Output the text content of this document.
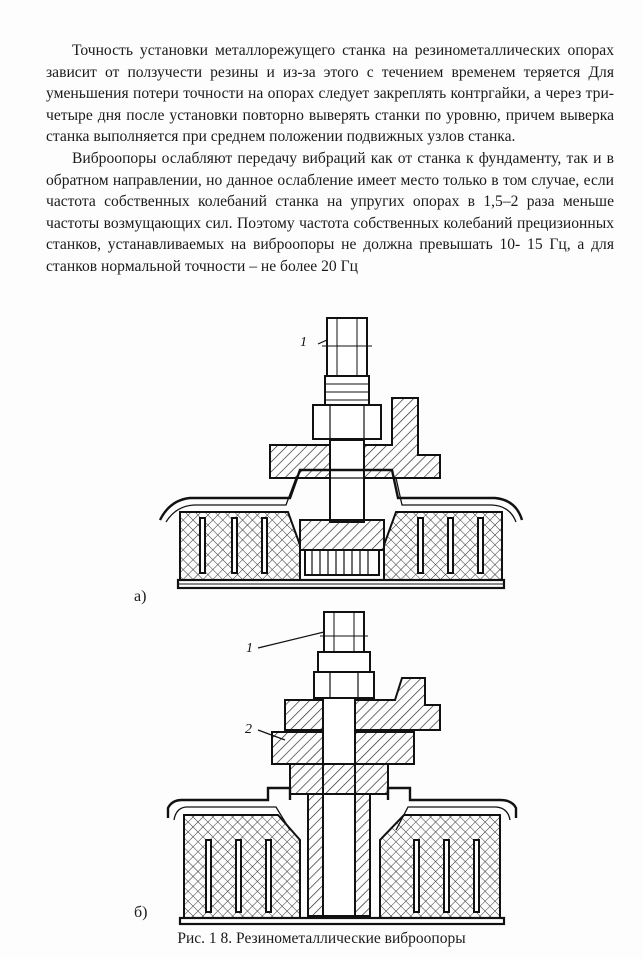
Точность установки металлорежущего станка на резинометаллических опорах зависит от ползучести резины и из-за этого с течением временем теряется Для уменьшения потери точности на опорах следует закреплять контргайки, а через три-четыре дня после установки повторно выверять станки по уровню, причем выверка станка выполняется при среднем положении подвижных узлов станка.

Виброопоры ослабляют передачу вибраций как от станка к фундаменту, так и в обратном направлении, но данное ослабление имеет место только в том случае, если частота собственных колебаний станка на упругих опорах в 1,5–2 раза меньше частоты возмущающих сил. Поэтому частота собственных колебаний прецизионных станков, устанавливаемых на виброопоры не должна превышать 10- 15 Гц, а для станков нормальной точности – не более 20 Гц

1
1
2
а)
б)
Рис. 1 8. Резинометаллические виброопоры
